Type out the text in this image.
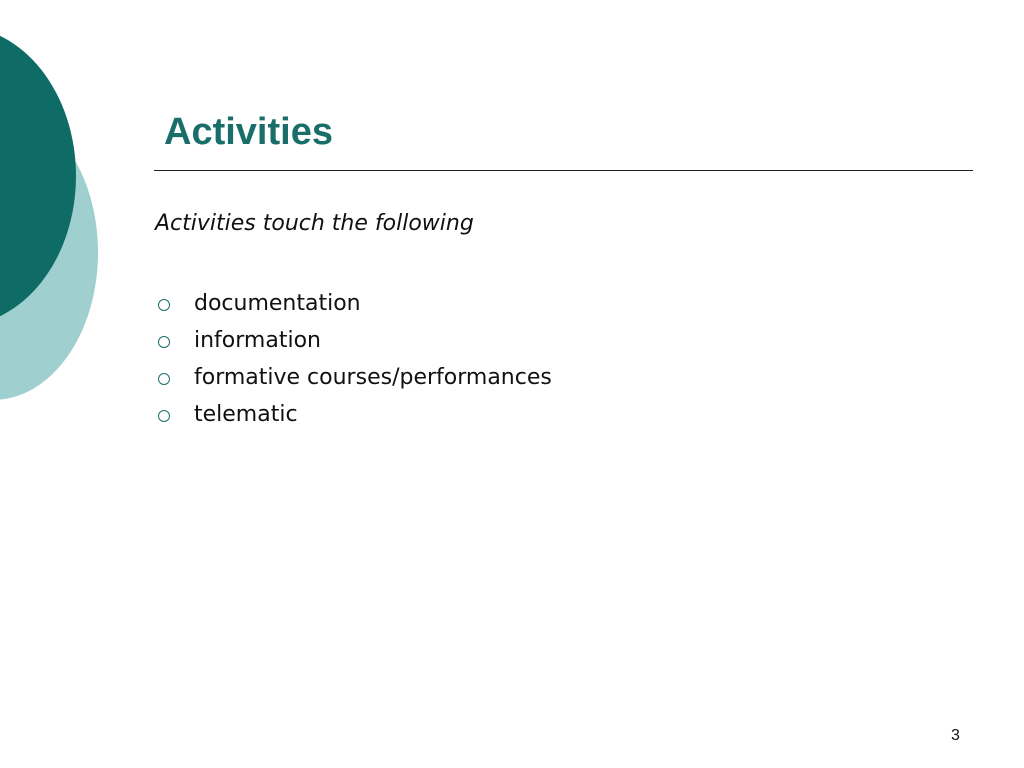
Activities

Activities touch the following

documentation
information
formative courses/performances
telematic
3
